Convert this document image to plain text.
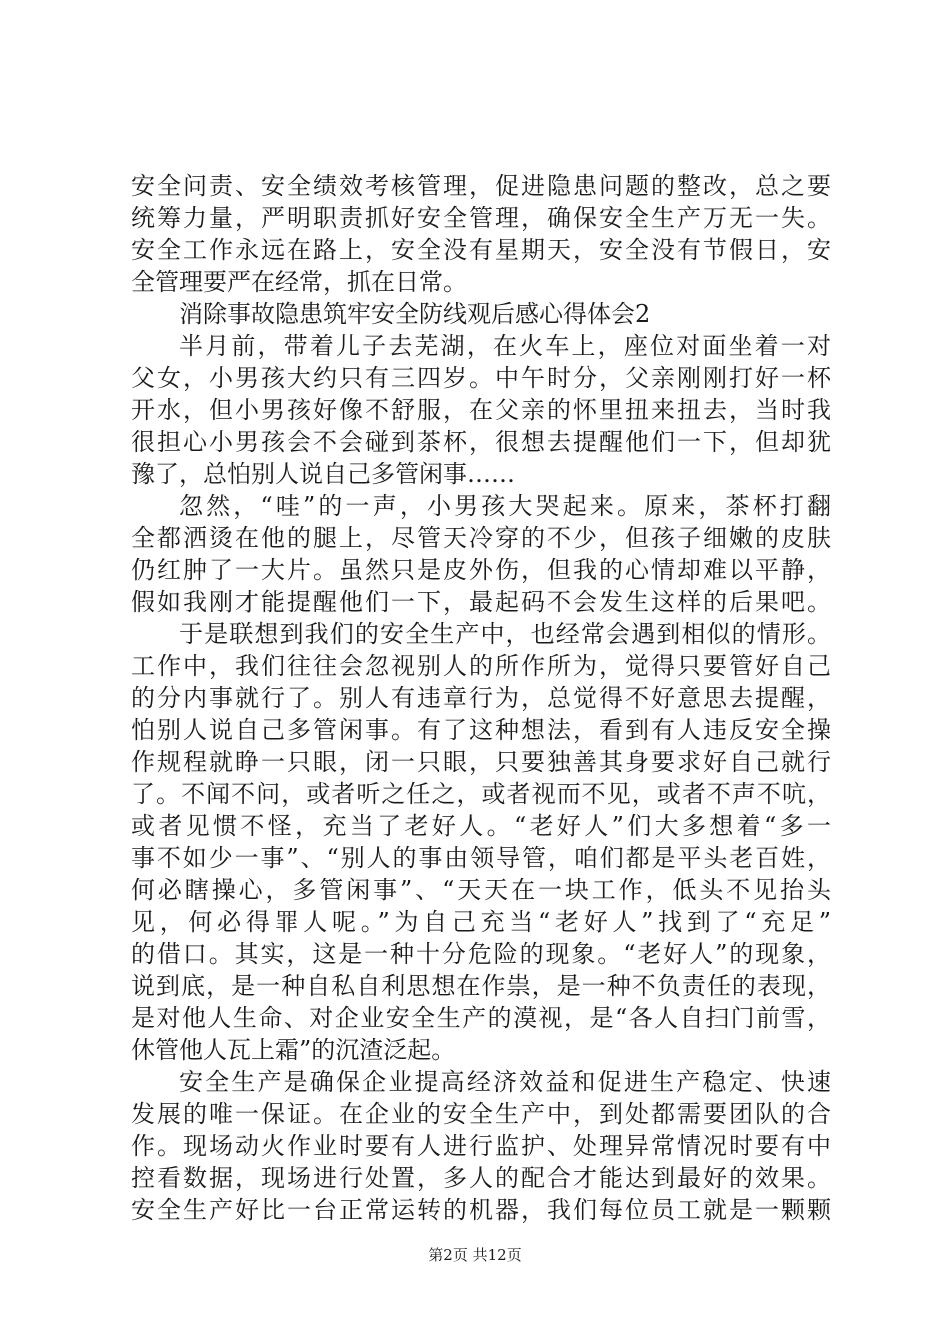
安全问责、安全绩效考核管理，促进隐患问题的整改，总之要
统筹力量，严明职责抓好安全管理，确保安全生产万无一失。
安全工作永远在路上，安全没有星期天，安全没有节假日，安
全管理要严在经常，抓在日常。
消除事故隐患筑牢安全防线观后感心得体会2
半月前，带着儿子去芜湖，在火车上，座位对面坐着一对
父女，小男孩大约只有三四岁。中午时分，父亲刚刚打好一杯
开水，但小男孩好像不舒服，在父亲的怀里扭来扭去，当时我
很担心小男孩会不会碰到茶杯，很想去提醒他们一下，但却犹
豫了，总怕别人说自己多管闲事……
忽然，“哇”的一声，小男孩大哭起来。原来，茶杯打翻
全都洒烫在他的腿上，尽管天冷穿的不少，但孩子细嫩的皮肤
仍红肿了一大片。虽然只是皮外伤，但我的心情却难以平静，
假如我刚才能提醒他们一下，最起码不会发生这样的后果吧。
于是联想到我们的安全生产中，也经常会遇到相似的情形。
工作中，我们往往会忽视别人的所作所为，觉得只要管好自己
的分内事就行了。别人有违章行为，总觉得不好意思去提醒，
怕别人说自己多管闲事。有了这种想法，看到有人违反安全操
作规程就睁一只眼，闭一只眼，只要独善其身要求好自己就行
了。不闻不问，或者听之任之，或者视而不见，或者不声不吭，
或者见惯不怪，充当了老好人。“老好人”们大多想着“多一
事不如少一事”、“别人的事由领导管，咱们都是平头老百姓，
何必瞎操心，多管闲事”、“天天在一块工作，低头不见抬头
见，何必得罪人呢。”为自己充当“老好人”找到了“充足”
的借口。其实，这是一种十分危险的现象。“老好人”的现象，
说到底，是一种自私自利思想在作祟，是一种不负责任的表现，
是对他人生命、对企业安全生产的漠视，是“各人自扫门前雪，
休管他人瓦上霜”的沉渣泛起。
安全生产是确保企业提高经济效益和促进生产稳定、快速
发展的唯一保证。在企业的安全生产中，到处都需要团队的合
作。现场动火作业时要有人进行监护、处理异常情况时要有中
控看数据，现场进行处置，多人的配合才能达到最好的效果。
安全生产好比一台正常运转的机器，我们每位员工就是一颗颗
第2页 共12页
